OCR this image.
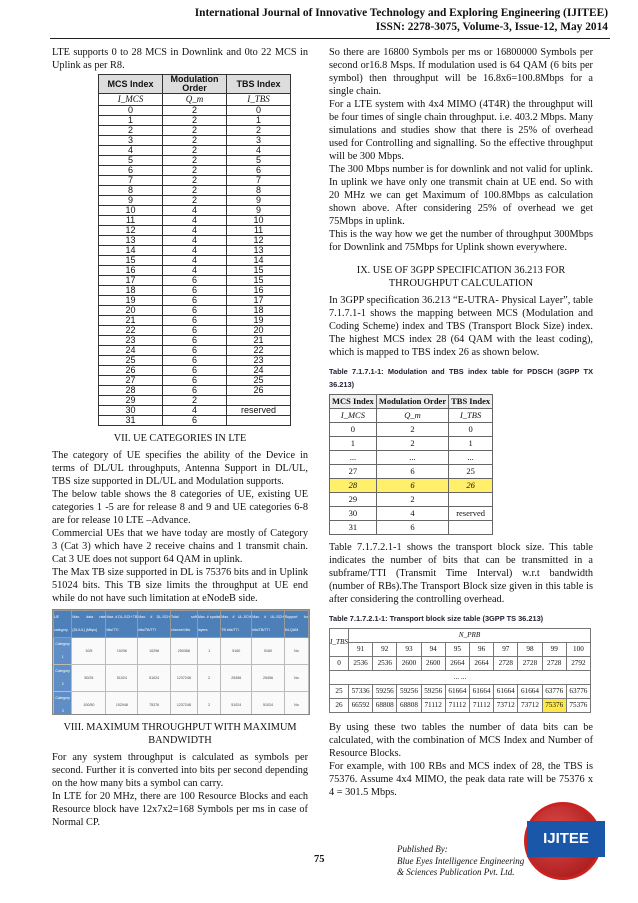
International Journal of Innovative Technology and Exploring Engineering (IJITEE)
ISSN: 2278-3075, Volume-3, Issue-12, May 2014

LTE supports 0 to 28 MCS in Downlink and 0to 22 MCS in Uplink as per R8.

MCS Index	Modulation Order	TBS Index
I_MCS	Q_m	I_TBS
0	2	0
1	2	1
2	2	2
3	2	3
4	2	4
5	2	5
6	2	6
7	2	7
8	2	8
9	2	9
10	4	9
11	4	10
12	4	11
13	4	12
14	4	13
15	4	14
16	4	15
17	6	15
18	6	16
19	6	17
20	6	18
21	6	19
22	6	20
23	6	21
24	6	22
25	6	23
26	6	24
27	6	25
28	6	26
29	2	
30	4	reserved
31	6	
VII. UE CATEGORIES IN LTE

The category of UE specifies the ability of the Device in terms of DL/UL throughputs, Antenna Support in DL/UL, TBS size supported in DL/UL and Modulation supports.

The below table shows the 8 categories of UE, existing UE categories 1 -5 are for release 8 and 9 and UE categories 6-8 are for release 10 LTE –Advance.

Commercial UEs that we have today are mostly of Category 3 (Cat 3) which have 2 receive chains and 1 transmit chain. Cat 3 UE does not support 64 QAM in uplink.

The Max TB size supported in DL is 75376 bits and in Uplink 51024 bits. This TB size limits the throughput at UE end while do not have such limitation at eNodeB side.

UE category	Max. data rate (DL/UL) (Mbps)	Max. # DL-SCH TB bits/TTI	Max. # DL-SCH bits/TB/TTI	Total soft channel bits	Max. # spatial layers	Max. # UL-SCH TB bits/TTI	Max. # UL-SCH bits/TB/TTI	Support for 64-QAM
Category 1	10/5	10296	10296	250368	1	5160	5160	No
Category 2	50/25	51024	51024	1237248	2	25456	25456	No
Category 3	100/50	102048	75376	1237248	2	51024	51024	No

VIII. MAXIMUM THROUGHPUT WITH MAXIMUM BANDWIDTH

For any system throughput is calculated as symbols per second. Further it is converted into bits per second depending on the how many bits a symbol can carry.

In LTE for 20 MHz, there are 100 Resource Blocks and each Resource block have 12x7x2=168 Symbols per ms in case of Normal CP.

So there are 16800 Symbols per ms or 16800000 Symbols per second or16.8 Msps. If modulation used is 64 QAM (6 bits per symbol) then throughput will be 16.8x6=100.8Mbps for a single chain.

For a LTE system with 4x4 MIMO (4T4R) the throughput will be four times of single chain throughput. i.e. 403.2 Mbps. Many simulations and studies show that there is 25% of overhead used for Controlling and signalling. So the effective throughput will be 300 Mbps.

The 300 Mbps number is for downlink and not valid for uplink. In uplink we have only one transmit chain at UE end. So with 20 MHz we can get Maximum of 100.8Mbps as calculation shown above. After considering 25% of overhead we get 75Mbps in uplink.

This is the way how we get the number of throughput 300Mbps for Downlink and 75Mbps for Uplink shown everywhere.

IX. USE OF 3GPP SPECIFICATION 36.213 FOR THROUGHPUT CALCULATION

In 3GPP specification 36.213 “E-UTRA- Physical Layer”, table 7.1.7.1-1 shows the mapping between MCS (Modulation and Coding Scheme) index and TBS (Transport Block Size) index. The highest MCS index 28 (64 QAM with the least coding), which is mapped to TBS index 26 as shown below.

Table 7.1.7.1-1: Modulation and TBS index table for PDSCH (3GPP TX 36.213)
MCS Index	Modulation Order	TBS Index
I_MCS	Q_m	I_TBS
0	2	0
1	2	1
...	...	...
27	6	25
28	6	26
29	2	
30	4	reserved
31	6	

Table 7.1.7.2.1-1 shows the transport block size. This table indicates the number of bits that can be transmitted in a subframe/TTI (Transmit Time Interval) w.r.t bandwidth (number of RBs).The Transport Block size given in this table is after considering the controlling overhead.

Table 7.1.7.2.1-1: Transport block size table (3GPP TS 36.213)
I_TBS	N_PRB									
	91	92	93	94	95	96	97	98	99	100
0	2536	2536	2600	2600	2664	2664	2728	2728	2728	2792
... ...										
25	57336	59256	59256	59256	61664	61664	61664	61664	63776	63776
26	66592	68808	68808	71112	71112	71112	73712	73712	75376	75376

By using these two tables the number of data bits can be calculated, with the combination of MCS Index and Number of Resource Blocks.

For example, with 100 RBs and MCS index of 28, the TBS is 75376. Assume 4x4 MIMO, the peak data rate will be 75376 x 4 = 301.5 Mbps.

75
Published By:
Blue Eyes Intelligence Engineering
& Sciences Publication Pvt. Ltd.
IJITEE
